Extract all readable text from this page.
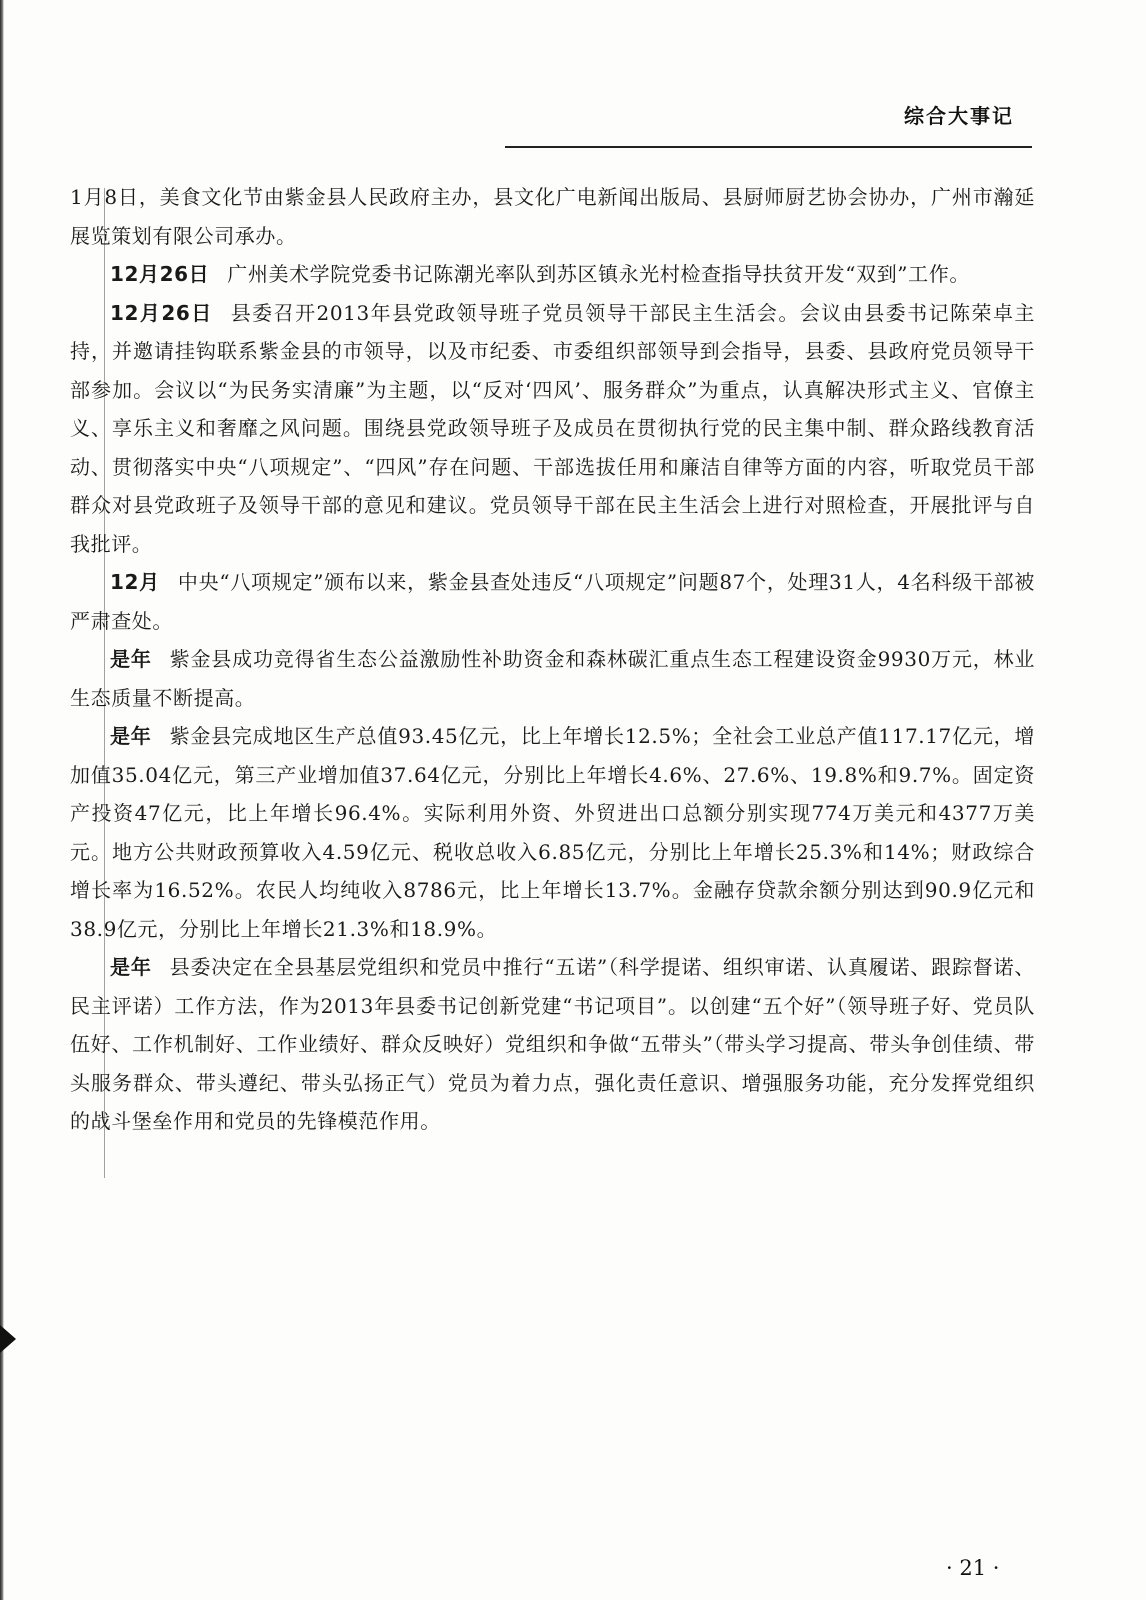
综合大事记

1月8日，美食文化节由紫金县人民政府主办，县文化广电新闻出版局、县厨师厨艺协会协办，广州市瀚延展览策划有限公司承办。

12月26日 广州美术学院党委书记陈潮光率队到苏区镇永光村检查指导扶贫开发“双到”工作。

12月26日 县委召开2013年县党政领导班子党员领导干部民主生活会。会议由县委书记陈荣卓主持，并邀请挂钩联系紫金县的市领导，以及市纪委、市委组织部领导到会指导，县委、县政府党员领导干部参加。会议以“为民务实清廉”为主题，以“反对‘四风’、服务群众”为重点，认真解决形式主义、官僚主义、享乐主义和奢靡之风问题。围绕县党政领导班子及成员在贯彻执行党的民主集中制、群众路线教育活动、贯彻落实中央“八项规定”、“四风”存在问题、干部选拔任用和廉洁自律等方面的内容，听取党员干部群众对县党政班子及领导干部的意见和建议。党员领导干部在民主生活会上进行对照检查，开展批评与自我批评。

12月 中央“八项规定”颁布以来，紫金县查处违反“八项规定”问题87个，处理31人，4名科级干部被严肃查处。

是年 紫金县成功竞得省生态公益激励性补助资金和森林碳汇重点生态工程建设资金9930万元，林业生态质量不断提高。

是年 紫金县完成地区生产总值93.45亿元，比上年增长12.5%；全社会工业总产值117.17亿元，增加值35.04亿元，第三产业增加值37.64亿元，分别比上年增长4.6%、27.6%、19.8%和9.7%。固定资产投资47亿元，比上年增长96.4%。实际利用外资、外贸进出口总额分别实现774万美元和4377万美元。地方公共财政预算收入4.59亿元、税收总收入6.85亿元，分别比上年增长25.3%和14%；财政综合增长率为16.52%。农民人均纯收入8786元，比上年增长13.7%。金融存贷款余额分别达到90.9亿元和38.9亿元，分别比上年增长21.3%和18.9%。

是年 县委决定在全县基层党组织和党员中推行“五诺”（科学提诺、组织审诺、认真履诺、跟踪督诺、民主评诺）工作方法，作为2013年县委书记创新党建“书记项目”。以创建“五个好”（领导班子好、党员队伍好、工作机制好、工作业绩好、群众反映好）党组织和争做“五带头”（带头学习提高、带头争创佳绩、带头服务群众、带头遵纪、带头弘扬正气）党员为着力点，强化责任意识、增强服务功能，充分发挥党组织的战斗堡垒作用和党员的先锋模范作用。

· 21 ·
